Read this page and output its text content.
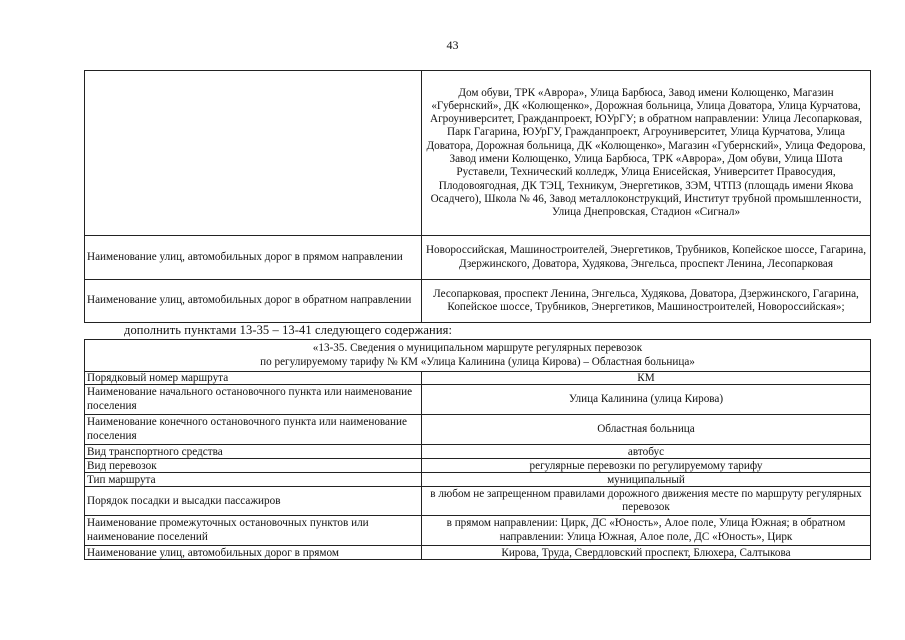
43
	Дом обуви, ТРК «Аврора», Улица Барбюса, Завод имени Колющенко, Магазин «Губернский», ДК «Колющенко», Дорожная больница, Улица Доватора, Улица Курчатова, Агроуниверситет, Гражданпроект, ЮУрГУ; в обратном направлении: Улица Лесопарковая, Парк Гагарина, ЮУрГУ, Гражданпроект, Агроуниверситет, Улица Курчатова, Улица Доватора, Дорожная больница, ДК «Колющенко», Магазин «Губернский», Улица Федорова, Завод имени Колющенко, Улица Барбюса, ТРК «Аврора», Дом обуви, Улица Шота Руставели, Технический колледж, Улица Енисейская, Университет Правосудия, Плодовоягодная, ДК ТЭЦ, Техникум, Энергетиков, ЗЭМ, ЧТПЗ (площадь имени Якова Осадчего), Школа № 46, Завод металлоконструкций, Институт трубной промышленности, Улица Днепровская, Стадион «Сигнал»
Наименование улиц, автомобильных дорог в прямом направлении	Новороссийская, Машиностроителей, Энергетиков, Трубников, Копейское шоссе, Гагарина, Дзержинского, Доватора, Худякова, Энгельса, проспект Ленина, Лесопарковая
Наименование улиц, автомобильных дорог в обратном направлении	Лесопарковая, проспект Ленина, Энгельса, Худякова, Доватора, Дзержинского, Гагарина, Копейское шоссе, Трубников, Энергетиков, Машиностроителей, Новороссийская»;
дополнить пунктами 13-35 – 13-41 следующего содержания:
«13-35. Сведения о муниципальном маршруте регулярных перевозок
по регулируемому тарифу № КМ «Улица Калинина (улица Кирова) – Областная больница»	

Порядковый номер маршрута	КМ
Наименование начального остановочного пункта или наименование поселения	Улица Калинина (улица Кирова)
Наименование конечного остановочного пункта или наименование поселения	Областная больница
Вид транспортного средства	автобус
Вид перевозок	регулярные перевозки по регулируемому тарифу
Тип маршрута	муниципальный
Порядок посадки и высадки пассажиров	в любом не запрещенном правилами дорожного движения месте по маршруту регулярных перевозок
Наименование промежуточных остановочных пунктов или наименование поселений	в прямом направлении: Цирк, ДС «Юность», Алое поле, Улица Южная; в обратном направлении: Улица Южная, Алое поле, ДС «Юность», Цирк
Наименование улиц, автомобильных дорог в прямом	Кирова, Труда, Свердловский проспект, Блюхера, Салтыкова
